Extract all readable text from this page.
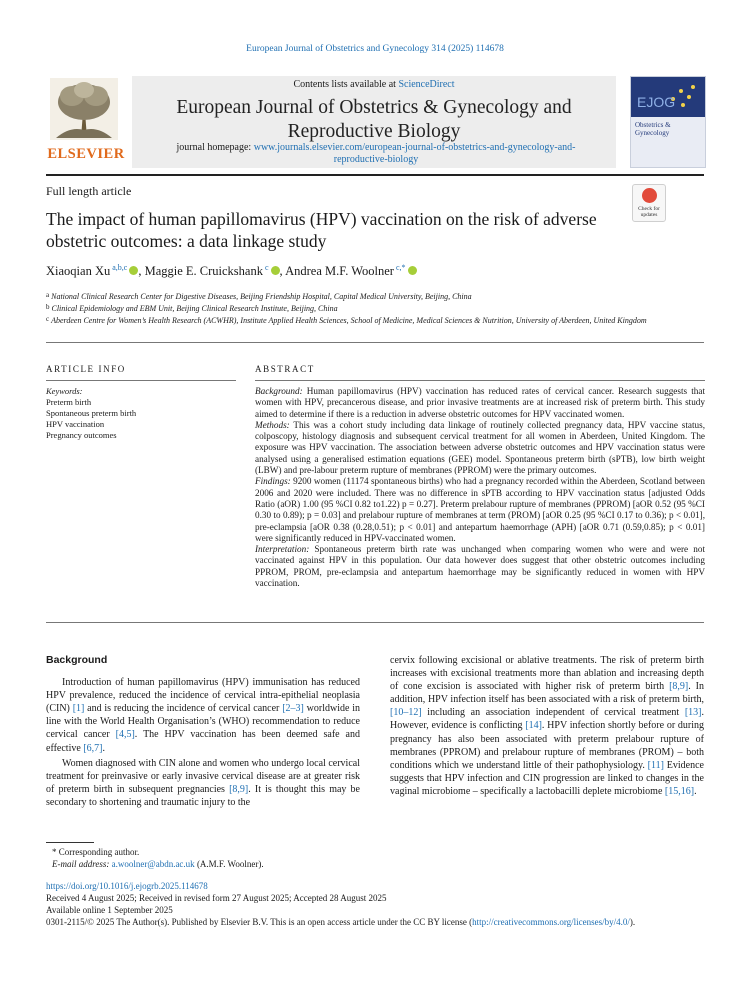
European Journal of Obstetrics and Gynecology 314 (2025) 114678
ELSEVIER
Contents lists available at ScienceDirect
European Journal of Obstetrics & Gynecology and
Reproductive Biology
journal homepage: www.journals.elsevier.com/european-journal-of-obstetrics-and-gynecology-and-
reproductive-biology
EJOG
Obstetrics & Gynecology
Full length article
Check for updates
The impact of human papillomavirus (HPV) vaccination on the risk of adverse obstetric outcomes: a data linkage study
Xiaoqian Xu $^{a,b,c}$ , Maggie E. Cruickshank $^c$ , Andrea M.F. Woolner $^{c,*}$
a National Clinical Research Center for Digestive Diseases, Beijing Friendship Hospital, Capital Medical University, Beijing, China
b Clinical Epidemiology and EBM Unit, Beijing Clinical Research Institute, Beijing, China
c Aberdeen Centre for Women’s Health Research (ACWHR), Institute Applied Health Sciences, School of Medicine, Medical Sciences & Nutrition, University of Aberdeen, United Kingdom
ARTICLE INFO	ABSTRACT
Keywords:
Preterm birth
Spontaneous preterm birth
HPV vaccination
Pregnancy outcomes

Background: Human papillomavirus (HPV) vaccination has reduced rates of cervical cancer. Research suggests that women with HPV, precancerous disease, and prior invasive treatments are at increased risk of preterm birth. This study aimed to determine if there is a reduction in adverse obstetric outcomes for HPV vaccinated women.

Methods: This was a cohort study including data linkage of routinely collected pregnancy data, HPV vaccine status, colposcopy, histology diagnosis and subsequent cervical treatment for all women in Aberdeen, United Kingdom. The exposure was HPV vaccination. The association between adverse obstetric outcomes and HPV vaccination status were analysed using a generalised estimation equations (GEE) model. Spontaneous preterm birth (sPTB), low birth weight (LBW) and pre-labour preterm rupture of membranes (PPROM) were the primary outcomes.

Findings: 9200 women (11174 spontaneous births) who had a pregnancy recorded within the Aberdeen, Scotland between 2006 and 2020 were included. There was no difference in sPTB according to HPV vaccination status [adjusted Odds Ratio (aOR) 1.00 (95 %CI 0.82 to1.22) p = 0.27]. Preterm prelabour rupture of membranes (PPROM) [aOR 0.52 (95 %CI 0.30 to 0.89); p = 0.03] and prelabour rupture of membranes at term (PROM) [aOR 0.25 (95 %CI 0.17 to 0.36); p < 0.01], pre-eclampsia [aOR 0.38 (0.28,0.51); p < 0.01] and antepartum haemorrhage (APH) [aOR 0.71 (0.59,0.85); p < 0.01] were significantly reduced in HPV-vaccinated women.

Interpretation: Spontaneous preterm birth rate was unchanged when comparing women who were and were not vaccinated against HPV in this population. Our data however does suggest that other obstetric outcomes including PPROM, PROM, pre-eclampsia and antepartum haemorrhage may be significantly reduced in women with HPV vaccination.

Background

Introduction of human papillomavirus (HPV) immunisation has reduced HPV prevalence, reduced the incidence of cervical intra-epithelial neoplasia (CIN) [1] and is reducing the incidence of cervical cancer [2–3] worldwide in line with the World Health Organisation’s (WHO) recommendation to reduce cervical cancer [4,5]. The HPV vaccination has been deemed safe and effective [6,7].

Women diagnosed with CIN alone and women who undergo local cervical treatment for preinvasive or early invasive cervical disease are at greater risk of preterm birth in subsequent pregnancies [8,9]. It is thought this may be secondary to shortening and traumatic injury to the

cervix following excisional or ablative treatments. The risk of preterm birth increases with excisional treatments more than ablation and increasing depth of cone excision is associated with higher risk of preterm birth [8,9]. In addition, HPV infection itself has been associated with a risk of preterm birth, [10–12] including an association independent of cervical treatment [13]. However, evidence is conflicting [14]. HPV infection shortly before or during pregnancy has also been associated with preterm prelabour rupture of membranes (PPROM) and prelabour rupture of membranes (PROM) – both conditions which we understand little of their pathophysiology. [11] Evidence suggests that HPV infection and CIN progression are linked to changes in the vaginal microbiome – specifically a lactobacilli deplete microbiome [15,16].

* Corresponding author.
E-mail address: a.woolner@abdn.ac.uk (A.M.F. Woolner).
https://doi.org/10.1016/j.ejogrb.2025.114678
Received 4 August 2025; Received in revised form 27 August 2025; Accepted 28 August 2025
Available online 1 September 2025
0301-2115/© 2025 The Author(s). Published by Elsevier B.V. This is an open access article under the CC BY license (http://creativecommons.org/licenses/by/4.0/).
